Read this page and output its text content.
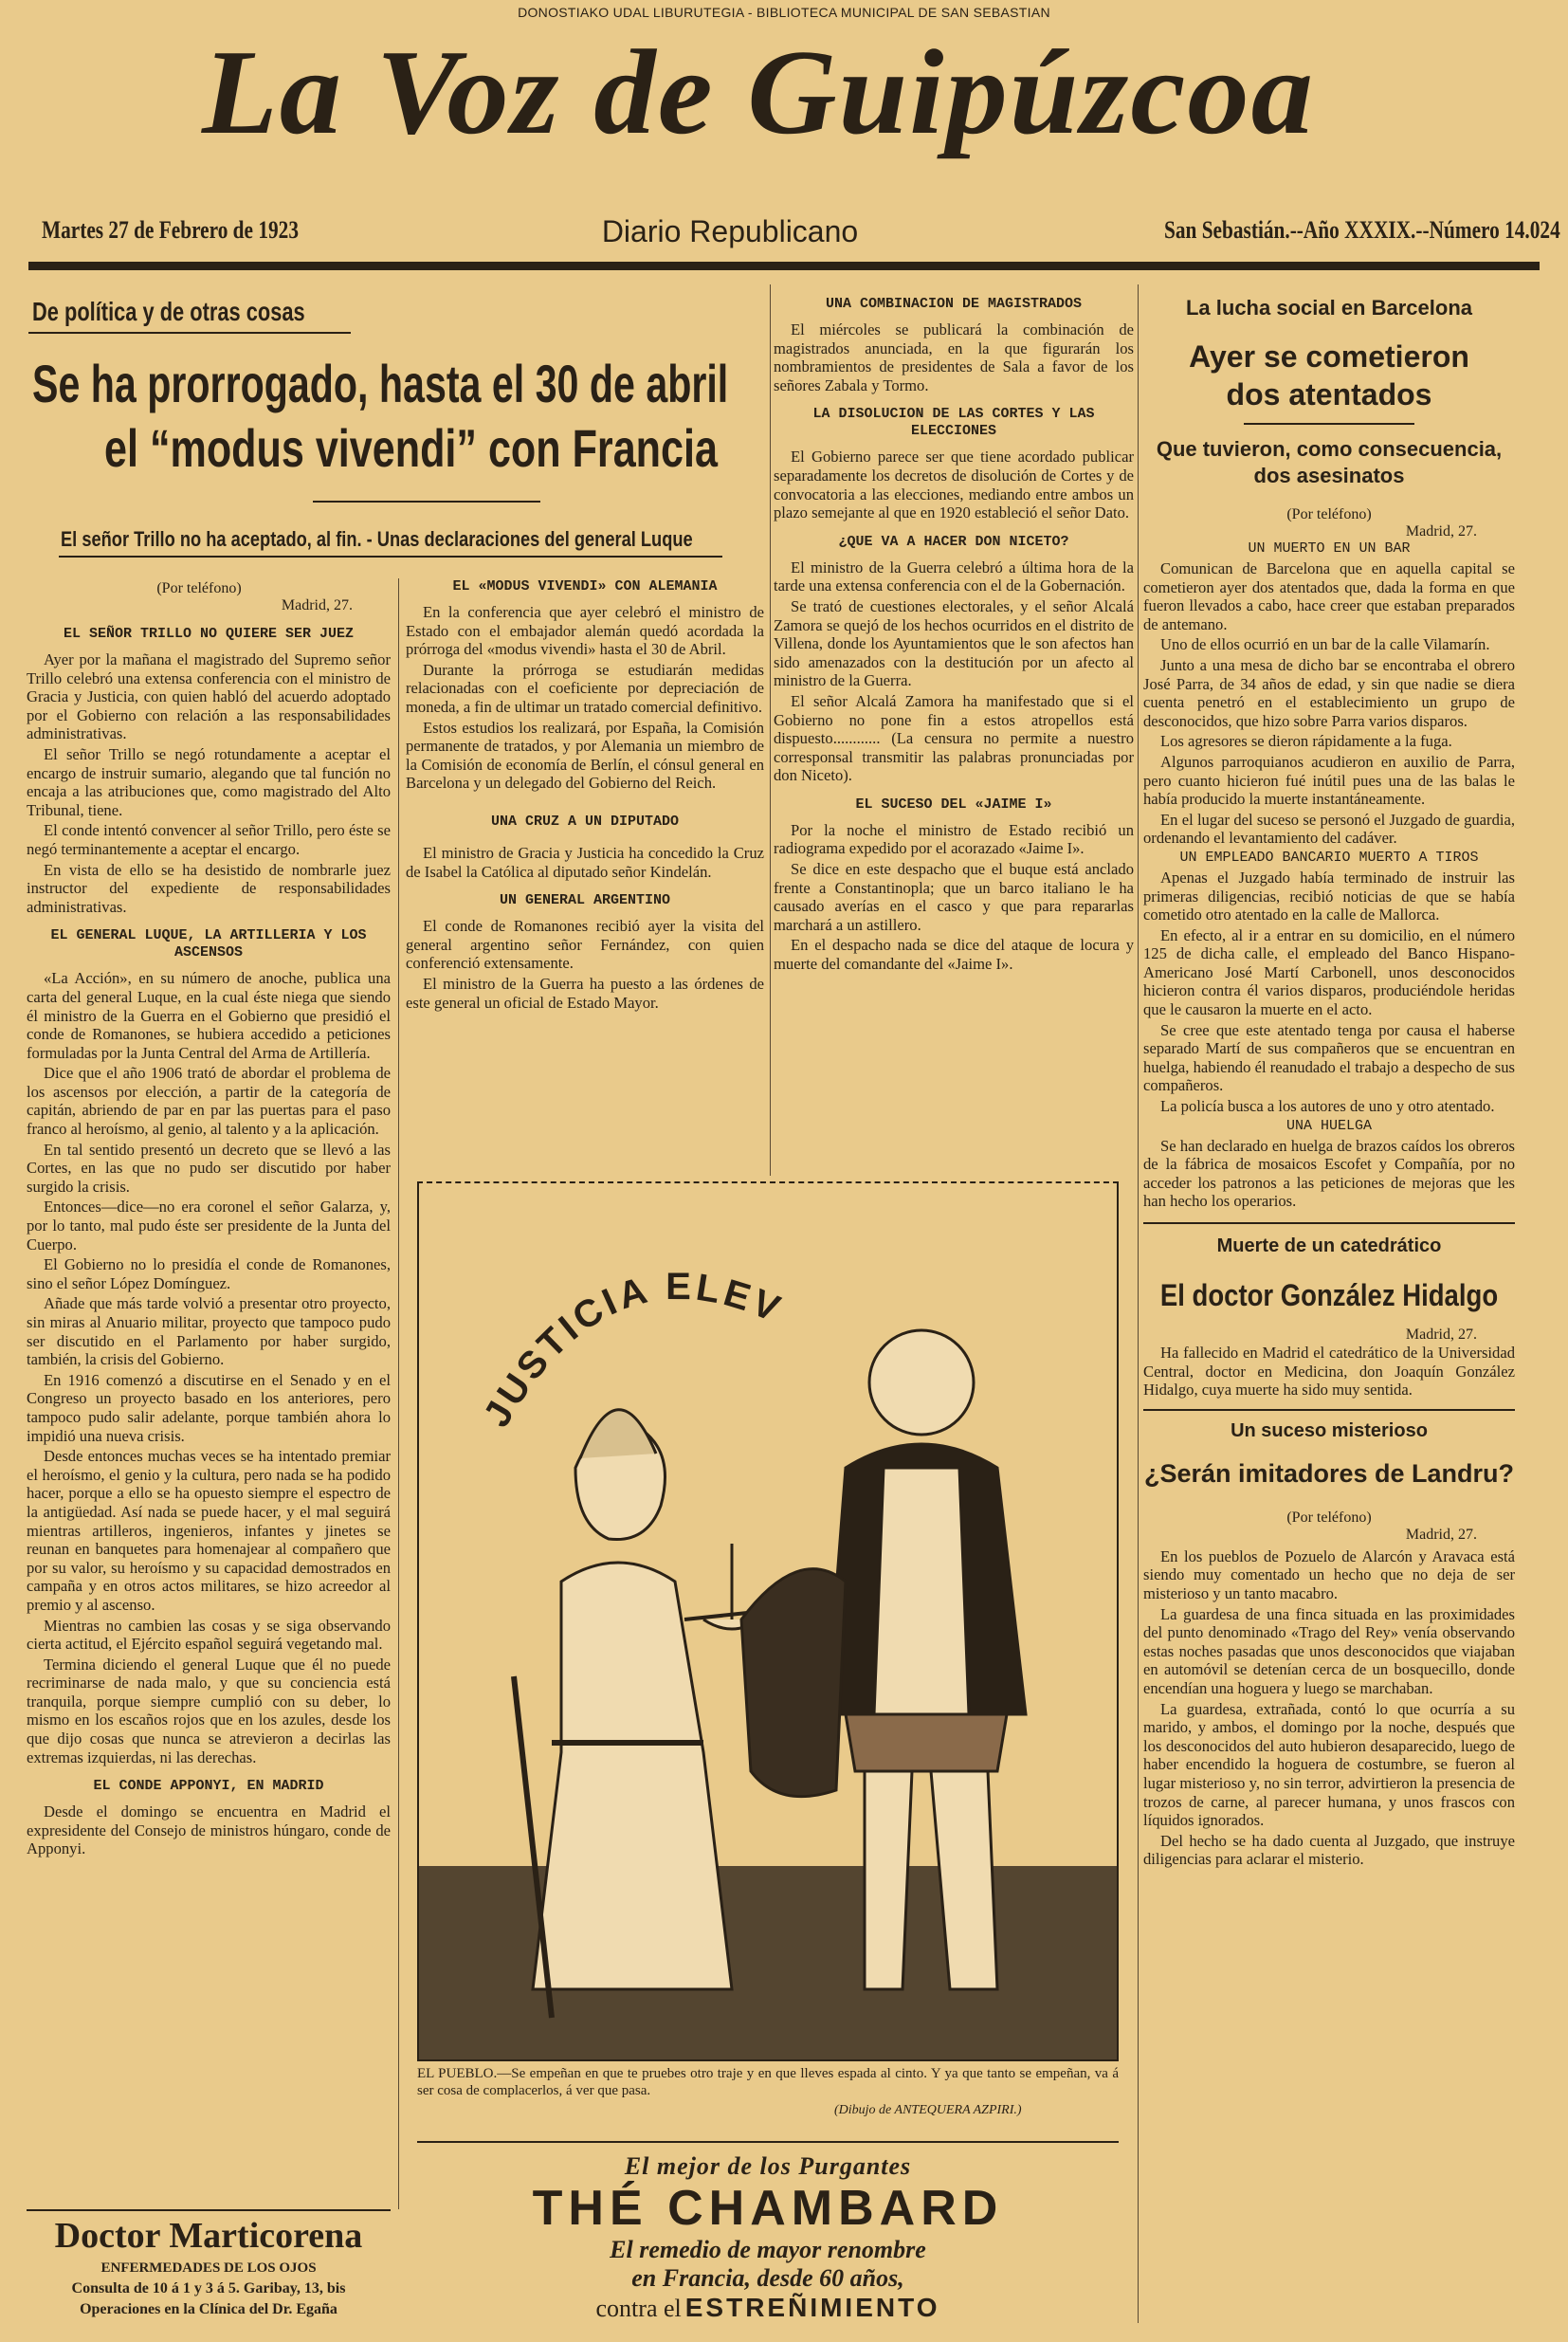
DONOSTIAKO UDAL LIBURUTEGIA - BIBLIOTECA MUNICIPAL DE SAN SEBASTIAN
La Voz de Guipúzcoa
Martes 27 de Febrero de 1923	Diario Republicano	San Sebastián.--Año XXXIX.--Número 14.024
De política y de otras cosas
Se ha prorrogado, hasta el 30 de abril
el “modus vivendi” con Francia
El señor Trillo no ha aceptado, al fin. - Unas declaraciones del general Luque
(Por teléfono)
Madrid, 27.
EL SEÑOR TRILLO NO QUIERE SER JUEZ

Ayer por la mañana el magistrado del Supremo señor Trillo celebró una extensa conferencia con el ministro de Gracia y Justicia, con quien habló del acuerdo adoptado por el Gobierno con relación a las responsabilidades administrativas.

El señor Trillo se negó rotundamente a aceptar el encargo de instruir sumario, alegando que tal función no encaja a las atribuciones que, como magistrado del Alto Tribunal, tiene.

El conde intentó convencer al señor Trillo, pero éste se negó terminantemente a aceptar el encargo.

En vista de ello se ha desistido de nombrarle juez instructor del expediente de responsabilidades administrativas.

EL GENERAL LUQUE, LA ARTILLERIA Y LOS ASCENSOS

«La Acción», en su número de anoche, publica una carta del general Luque, en la cual éste niega que siendo él ministro de la Guerra en el Gobierno que presidió el conde de Romanones, se hubiera accedido a peticiones formuladas por la Junta Central del Arma de Artillería.

Dice que el año 1906 trató de abordar el problema de los ascensos por elección, a partir de la categoría de capitán, abriendo de par en par las puertas para el paso franco al heroísmo, al genio, al talento y a la aplicación.

En tal sentido presentó un decreto que se llevó a las Cortes, en las que no pudo ser discutido por haber surgido la crisis.

Entonces—dice—no era coronel el señor Galarza, y, por lo tanto, mal pudo éste ser presidente de la Junta del Cuerpo.

El Gobierno no lo presidía el conde de Romanones, sino el señor López Domínguez.

Añade que más tarde volvió a presentar otro proyecto, sin miras al Anuario militar, proyecto que tampoco pudo ser discutido en el Parlamento por haber surgido, también, la crisis del Gobierno.

En 1916 comenzó a discutirse en el Senado y en el Congreso un proyecto basado en los anteriores, pero tampoco pudo salir adelante, porque también ahora lo impidió una nueva crisis.

Desde entonces muchas veces se ha intentado premiar el heroísmo, el genio y la cultura, pero nada se ha podido hacer, porque a ello se ha opuesto siempre el espectro de la antigüedad. Así nada se puede hacer, y el mal seguirá mientras artilleros, ingenieros, infantes y jinetes se reunan en banquetes para homenajear al compañero que por su valor, su heroísmo y su capacidad demostrados en campaña y en otros actos militares, se hizo acreedor al premio y al ascenso.

Mientras no cambien las cosas y se siga observando cierta actitud, el Ejército español seguirá vegetando mal.

Termina diciendo el general Luque que él no puede recriminarse de nada malo, y que su conciencia está tranquila, porque siempre cumplió con su deber, lo mismo en los escaños rojos que en los azules, desde los que dijo cosas que nunca se atrevieron a decirlas las extremas izquierdas, ni las derechas.

EL CONDE APPONYI, EN MADRID

Desde el domingo se encuentra en Madrid el expresidente del Consejo de ministros húngaro, conde de Apponyi.

Doctor Marticorena
ENFERMEDADES DE LOS OJOS
Consulta de 10 á 1 y 3 á 5. Garibay, 13, bis
Operaciones en la Clínica del Dr. Egaña
EL «MODUS VIVENDI» CON ALEMANIA

En la conferencia que ayer celebró el ministro de Estado con el embajador alemán quedó acordada la prórroga del «modus vivendi» hasta el 30 de Abril.

Durante la prórroga se estudiarán medidas relacionadas con el coeficiente por depreciación de moneda, a fin de ultimar un tratado comercial definitivo.

Estos estudios los realizará, por España, la Comisión permanente de tratados, y por Alemania un miembro de la Comisión de economía de Berlín, el cónsul general en Barcelona y un delegado del Gobierno del Reich.

UNA CRUZ A UN DIPUTADO

El ministro de Gracia y Justicia ha concedido la Cruz de Isabel la Católica al diputado señor Kindelán.

UN GENERAL ARGENTINO

El conde de Romanones recibió ayer la visita del general argentino señor Fernández, con quien conferenció extensamente.

El ministro de la Guerra ha puesto a las órdenes de este general un oficial de Estado Mayor.

UNA COMBINACION DE MAGISTRADOS

El miércoles se publicará la combinación de magistrados anunciada, en la que figurarán los nombramientos de presidentes de Sala a favor de los señores Zabala y Tormo.

LA DISOLUCION DE LAS CORTES Y LAS ELECCIONES

El Gobierno parece ser que tiene acordado publicar separadamente los decretos de disolución de Cortes y de convocatoria a las elecciones, mediando entre ambos un plazo semejante al que en 1920 estableció el señor Dato.

¿QUE VA A HACER DON NICETO?

El ministro de la Guerra celebró a última hora de la tarde una extensa conferencia con el de la Gobernación.

Se trató de cuestiones electorales, y el señor Alcalá Zamora se quejó de los hechos ocurridos en el distrito de Villena, donde los Ayuntamientos que le son afectos han sido amenazados con la destitución por un afecto al ministro de la Guerra.

El señor Alcalá Zamora ha manifestado que si el Gobierno no pone fin a estos atropellos está dispuesto............ (La censura no permite a nuestro corresponsal transmitir las palabras pronunciadas por don Niceto).

EL SUCESO DEL «JAIME I»

Por la noche el ministro de Estado recibió un radiograma expedido por el acorazado «Jaime I».

Se dice en este despacho que el buque está anclado frente a Constantinopla; que un barco italiano le ha causado averías en el casco y que para repararlas marchará a un astillero.

En el despacho nada se dice del ataque de locura y muerte del comandante del «Jaime I».

JUSTICIA ELEV
EL PUEBLO.—Se empeñan en que te pruebes otro traje y en que lleves espada al cinto. Y ya que tanto se empeñan, va á ser cosa de complacerlos, á ver que pasa.
(Dibujo de ANTEQUERA AZPIRI.)
El mejor de los Purgantes
THÉ CHAMBARD
El remedio de mayor renombre
en Francia, desde 60 años,
contra el ESTREÑIMIENTO
La lucha social en Barcelona
Ayer se cometieron dos atentados
Que tuvieron, como consecuencia, dos asesinatos
(Por teléfono)
Madrid, 27.
UN MUERTO EN UN BAR

Comunican de Barcelona que en aquella capital se cometieron ayer dos atentados que, dada la forma en que fueron llevados a cabo, hace creer que estaban preparados de antemano.

Uno de ellos ocurrió en un bar de la calle Vilamarín.

Junto a una mesa de dicho bar se encontraba el obrero José Parra, de 34 años de edad, y sin que nadie se diera cuenta penetró en el establecimiento un grupo de desconocidos, que hizo sobre Parra varios disparos.

Los agresores se dieron rápidamente a la fuga.

Algunos parroquianos acudieron en auxilio de Parra, pero cuanto hicieron fué inútil pues una de las balas le había producido la muerte instantáneamente.

En el lugar del suceso se personó el Juzgado de guardia, ordenando el levantamiento del cadáver.

UN EMPLEADO BANCARIO MUERTO A TIROS

Apenas el Juzgado había terminado de instruir las primeras diligencias, recibió noticias de que se había cometido otro atentado en la calle de Mallorca.

En efecto, al ir a entrar en su domicilio, en el número 125 de dicha calle, el empleado del Banco Hispano-Americano José Martí Carbonell, unos desconocidos hicieron contra él varios disparos, produciéndole heridas que le causaron la muerte en el acto.

Se cree que este atentado tenga por causa el haberse separado Martí de sus compañeros que se encuentran en huelga, habiendo él reanudado el trabajo a despecho de sus compañeros.

La policía busca a los autores de uno y otro atentado.

UNA HUELGA

Se han declarado en huelga de brazos caídos los obreros de la fábrica de mosaicos Escofet y Compañía, por no acceder los patronos a las peticiones de mejoras que les han hecho los operarios.

Muerte de un catedrático
El doctor González Hidalgo
Madrid, 27.

Ha fallecido en Madrid el catedrático de la Universidad Central, doctor en Medicina, don Joaquín González Hidalgo, cuya muerte ha sido muy sentida.

Un suceso misterioso
¿Serán imitadores de Landru?
(Por teléfono)
Madrid, 27.

En los pueblos de Pozuelo de Alarcón y Aravaca está siendo muy comentado un hecho que no deja de ser misterioso y un tanto macabro.

La guardesa de una finca situada en las proximidades del punto denominado «Trago del Rey» venía observando estas noches pasadas que unos desconocidos que viajaban en automóvil se detenían cerca de un bosquecillo, donde encendían una hoguera y luego se marchaban.

La guardesa, extrañada, contó lo que ocurría a su marido, y ambos, el domingo por la noche, después que los desconocidos del auto hubieron desaparecido, luego de haber encendido la hoguera de costumbre, se fueron al lugar misterioso y, no sin terror, advirtieron la presencia de trozos de carne, al parecer humana, y unos frascos con líquidos ignorados.

Del hecho se ha dado cuenta al Juzgado, que instruye diligencias para aclarar el misterio.
